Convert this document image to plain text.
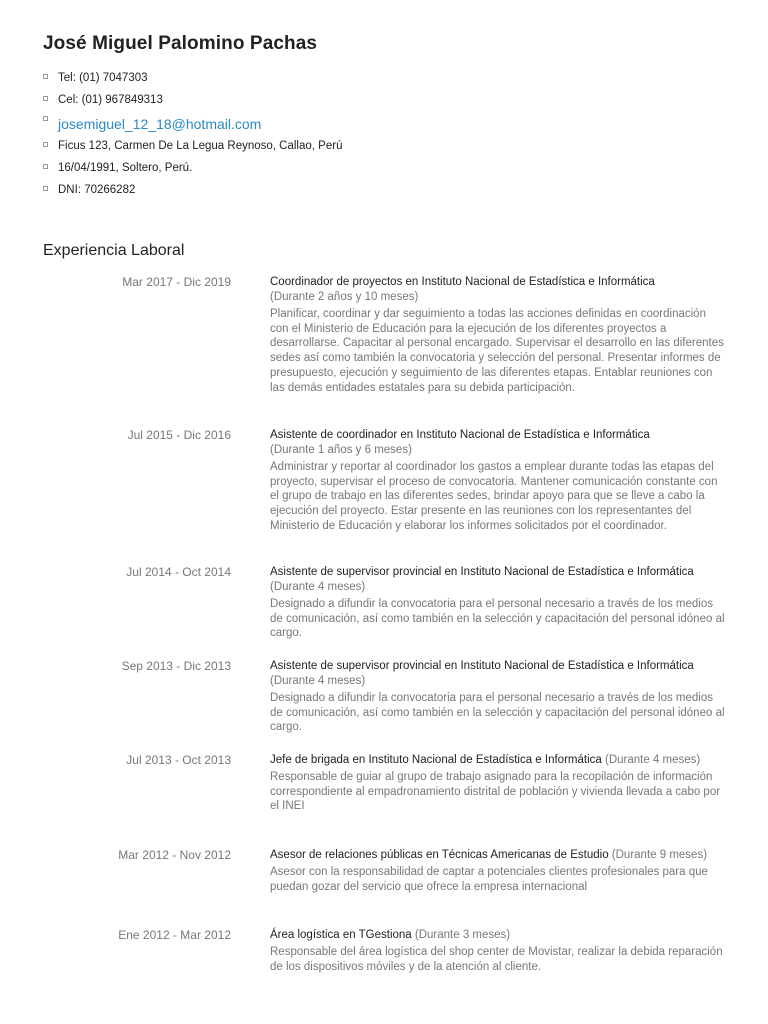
José Miguel Palomino Pachas
Tel: (01) 7047303
Cel: (01) 967849313
josemiguel_12_18@hotmail.com
Ficus 123, Carmen De La Legua Reynoso, Callao, Perú
16/04/1991, Soltero, Perú.
DNI: 70266282
Experiencia Laboral
Mar 2017 - Dic 2019	Coordinador de proyectos en Instituto Nacional de Estadística e Informática
(Durante 2 años y 10 meses)
Planificar, coordinar y dar seguimiento a todas las acciones definidas en coordinación con el Ministerio de Educación para la ejecución de los diferentes proyectos a desarrollarse. Capacitar al personal encargado. Supervisar el desarrollo en las diferentes sedes así como también la convocatoria y selección del personal. Presentar informes de presupuesto, ejecución y seguimiento de las diferentes etapas. Entablar reuniones con las demás entidades estatales para su debida participación.
Jul 2015 - Dic 2016	Asistente de coordinador en Instituto Nacional de Estadística e Informática
(Durante 1 años y 6 meses)
Administrar y reportar al coordinador los gastos a emplear durante todas las etapas del proyecto, supervisar el proceso de convocatoria. Mantener comunicación constante con el grupo de trabajo en las diferentes sedes, brindar apoyo para que se lleve a cabo la ejecución del proyecto. Estar presente en las reuniones con los representantes del Ministerio de Educación y elaborar los informes solicitados por el coordinador.
Jul 2014 - Oct 2014	Asistente de supervisor provincial en Instituto Nacional de Estadística e Informática (Durante 4 meses)
Designado a difundir la convocatoria para el personal necesario a través de los medios de comunicación, así como también en la selección y capacitación del personal idóneo al cargo.
Sep 2013 - Dic 2013	Asistente de supervisor provincial en Instituto Nacional de Estadística e Informática (Durante 4 meses)
Designado a difundir la convocatoria para el personal necesario a través de los medios de comunicación, así como también en la selección y capacitación del personal idóneo al cargo.
Jul 2013 - Oct 2013	Jefe de brigada en Instituto Nacional de Estadística e Informática (Durante 4 meses)
Responsable de guiar al grupo de trabajo asignado para la recopilación de información correspondiente al empadronamiento distrital de población y vivienda llevada a cabo por el INEI
Mar 2012 - Nov 2012	Asesor de relaciones públicas en Técnicas Americanas de Estudio (Durante 9 meses)
Asesor con la responsabilidad de captar a potenciales clientes profesionales para que puedan gozar del servicio que ofrece la empresa internacional
Ene 2012 - Mar 2012	Área logística en TGestiona (Durante 3 meses)
Responsable del área logística del shop center de Movistar, realizar la debida reparación de los dispositivos móviles y de la atención al cliente.
